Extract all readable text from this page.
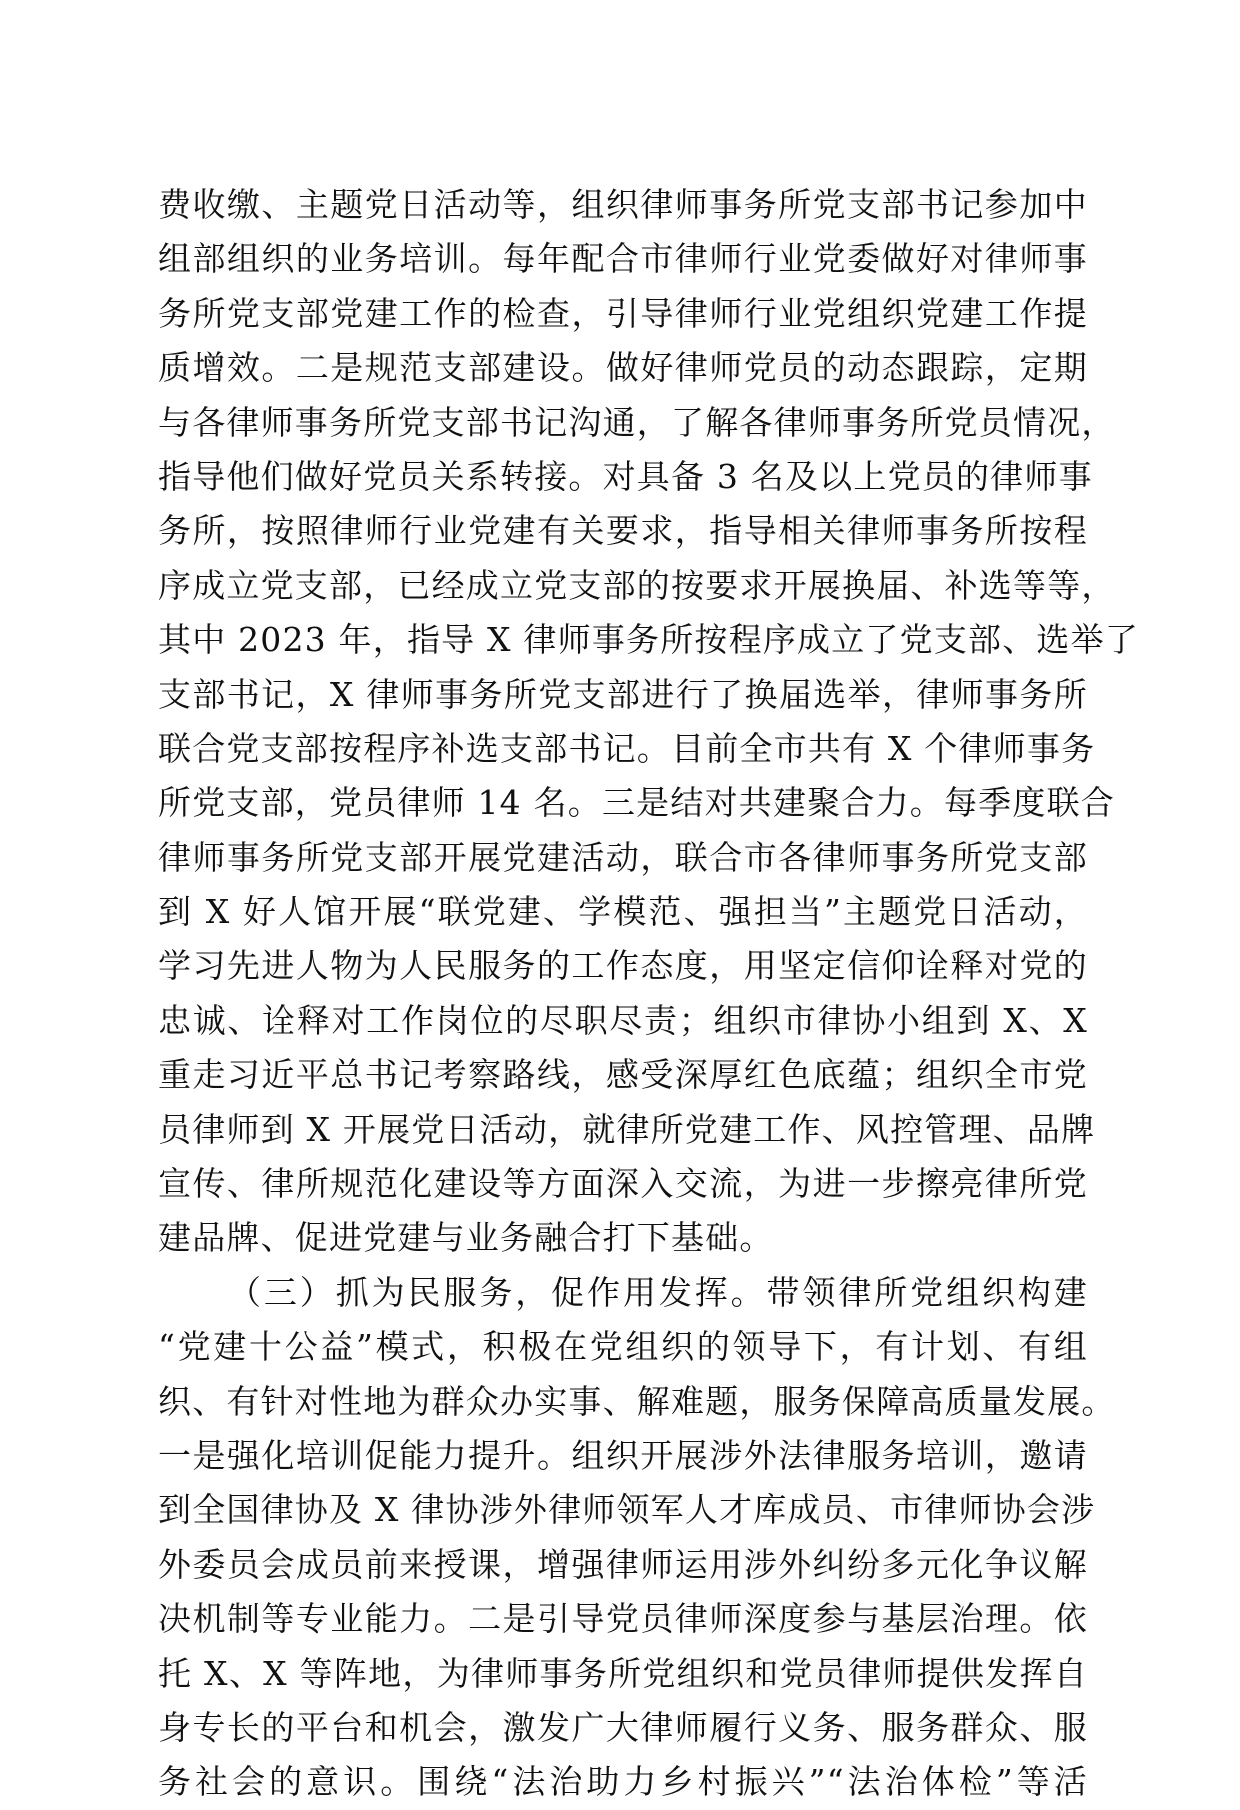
费收缴、主题党日活动等，组织律师事务所党支部书记参加中
组部组织的业务培训。每年配合市律师行业党委做好对律师事
务所党支部党建工作的检查，引导律师行业党组织党建工作提
质增效。二是规范支部建设。做好律师党员的动态跟踪，定期
与各律师事务所党支部书记沟通，了解各律师事务所党员情况，
指导他们做好党员关系转接。对具备 3 名及以上党员的律师事
务所，按照律师行业党建有关要求，指导相关律师事务所按程
序成立党支部，已经成立党支部的按要求开展换届、补选等等，
其中 2023 年，指导 X 律师事务所按程序成立了党支部、选举了
支部书记，X 律师事务所党支部进行了换届选举，律师事务所
联合党支部按程序补选支部书记。目前全市共有 X 个律师事务
所党支部，党员律师 14 名。三是结对共建聚合力。每季度联合
律师事务所党支部开展党建活动，联合市各律师事务所党支部
到 X 好人馆开展“联党建、学模范、强担当”主题党日活动，
学习先进人物为人民服务的工作态度，用坚定信仰诠释对党的
忠诚、诠释对工作岗位的尽职尽责；组织市律协小组到 X、X
重走习近平总书记考察路线，感受深厚红色底蕴；组织全市党
员律师到 X 开展党日活动，就律所党建工作、风控管理、品牌
宣传、律所规范化建设等方面深入交流，为进一步擦亮律所党
建品牌、促进党建与业务融合打下基础。
（三）抓为民服务，促作用发挥。带领律所党组织构建
“党建十公益”模式，积极在党组织的领导下，有计划、有组
织、有针对性地为群众办实事、解难题，服务保障高质量发展。
一是强化培训促能力提升。组织开展涉外法律服务培训，邀请
到全国律协及 X 律协涉外律师领军人才库成员、市律师协会涉
外委员会成员前来授课，增强律师运用涉外纠纷多元化争议解
决机制等专业能力。二是引导党员律师深度参与基层治理。依
托 X、X 等阵地，为律师事务所党组织和党员律师提供发挥自
身专长的平台和机会，激发广大律师履行义务、服务群众、服
务社会的意识。围绕“法治助力乡村振兴”“法治体检”等活
